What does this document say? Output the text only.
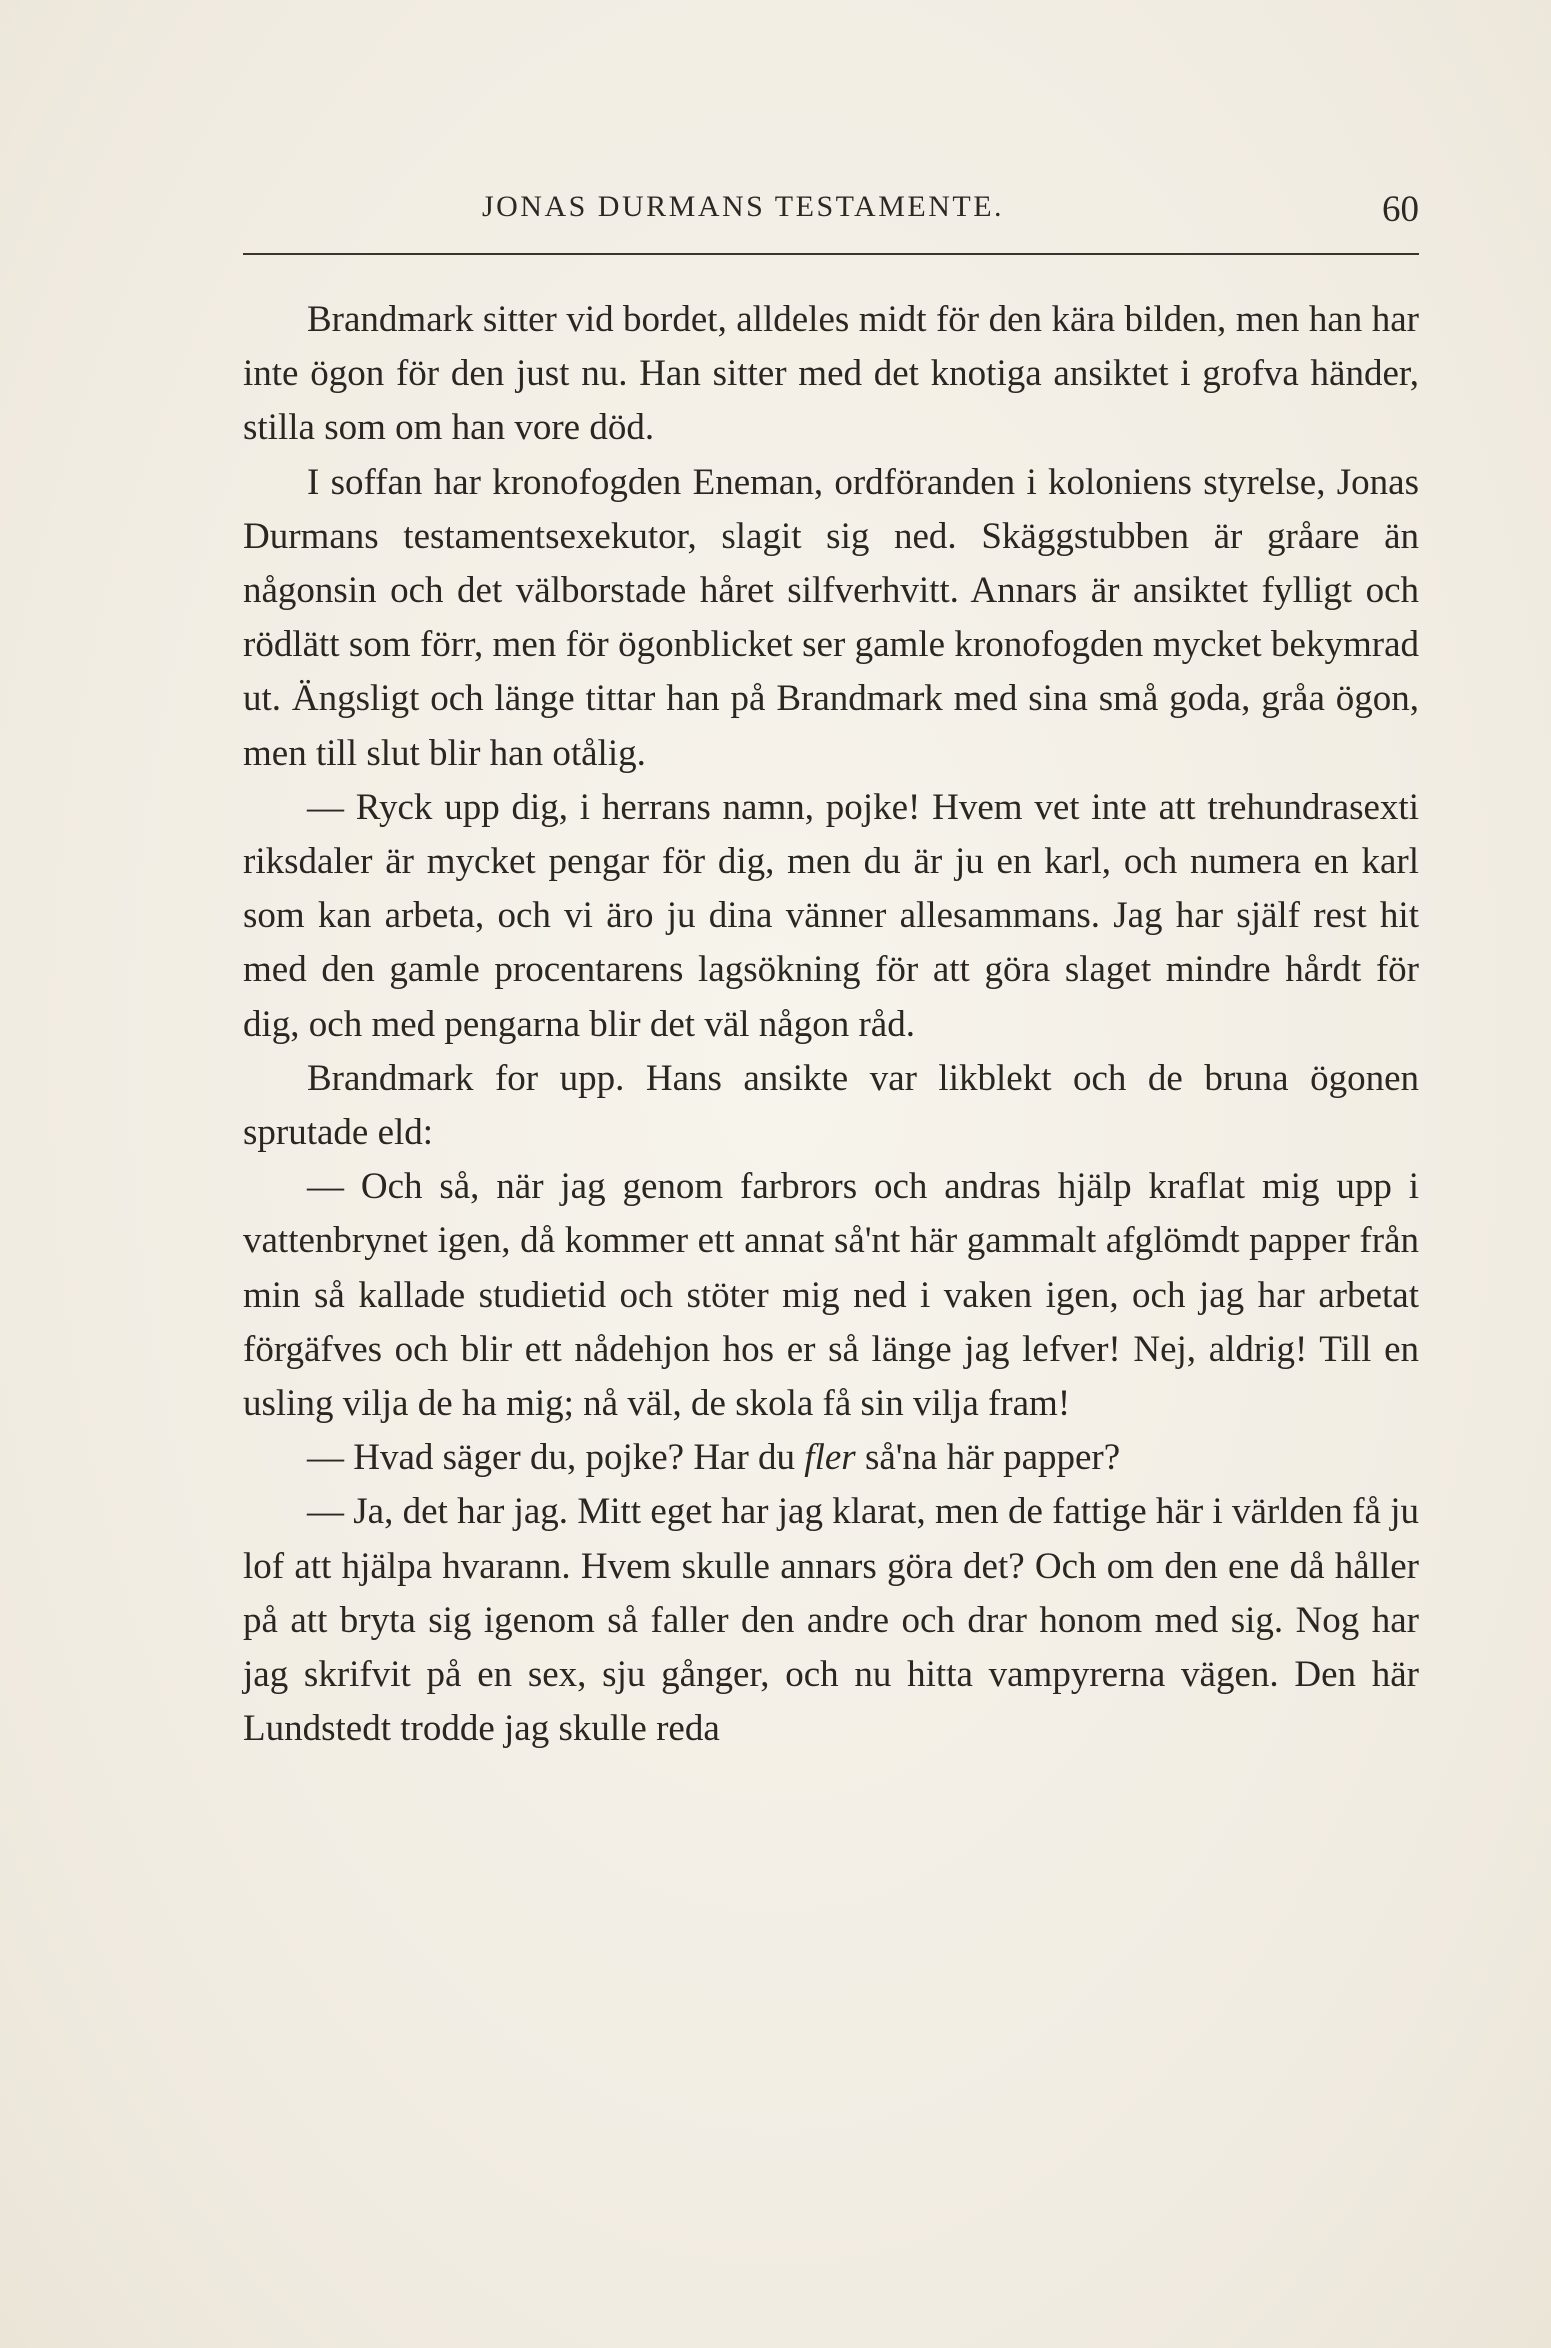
JONAS DURMANS TESTAMENTE.	60

Brandmark sitter vid bordet, alldeles midt för den kära bilden, men han har inte ögon för den just nu. Han sitter med det knotiga ansiktet i grofva händer, stilla som om han vore död.

I soffan har kronofogden Eneman, ordföranden i koloniens styrelse, Jonas Durmans testamentsexekutor, slagit sig ned. Skäggstubben är gråare än någonsin och det välborstade håret silfverhvitt. Annars är ansiktet fylligt och rödlätt som förr, men för ögonblicket ser gamle kronofogden mycket bekymrad ut. Ängsligt och länge tittar han på Brandmark med sina små goda, gråa ögon, men till slut blir han otålig.

— Ryck upp dig, i herrans namn, pojke! Hvem vet inte att trehundrasexti riksdaler är mycket pengar för dig, men du är ju en karl, och numera en karl som kan arbeta, och vi äro ju dina vänner allesammans. Jag har själf rest hit med den gamle procentarens lagsökning för att göra slaget mindre hårdt för dig, och med pengarna blir det väl någon råd.

Brandmark for upp. Hans ansikte var likblekt och de bruna ögonen sprutade eld:

— Och så, när jag genom farbrors och andras hjälp kraflat mig upp i vattenbrynet igen, då kommer ett annat så'nt här gammalt afglömdt papper från min så kallade studietid och stöter mig ned i vaken igen, och jag har arbetat förgäfves och blir ett nådehjon hos er så länge jag lefver! Nej, aldrig! Till en usling vilja de ha mig; nå väl, de skola få sin vilja fram!

— Hvad säger du, pojke? Har du fler så'na här papper?

— Ja, det har jag. Mitt eget har jag klarat, men de fattige här i världen få ju lof att hjälpa hvarann. Hvem skulle annars göra det? Och om den ene då håller på att bryta sig igenom så faller den andre och drar honom med sig. Nog har jag skrifvit på en sex, sju gånger, och nu hitta vampyrerna vägen. Den här Lundstedt trodde jag skulle reda
